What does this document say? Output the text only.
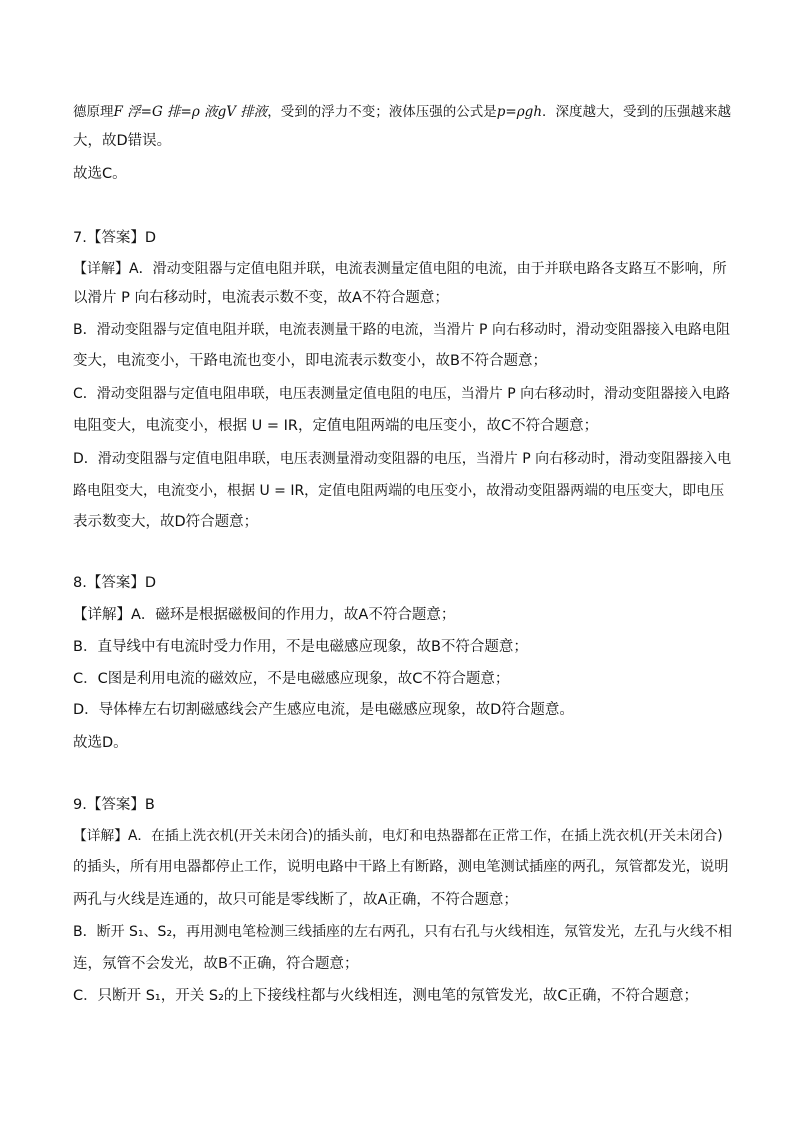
德原理F 浮=G 排=ρ 液gV 排液，受到的浮力不变；液体压强的公式是p=ρgh．深度越大，受到的压强越来越
大，故D错误。
故选C。
7.【答案】D
【详解】A．滑动变阻器与定值电阻并联，电流表测量定值电阻的电流，由于并联电路各支路互不影响，所
以滑片 P 向右移动时，电流表示数不变，故A不符合题意；
B．滑动变阻器与定值电阻并联，电流表测量干路的电流，当滑片 P 向右移动时，滑动变阻器接入电路电阻
变大，电流变小，干路电流也变小，即电流表示数变小，故B不符合题意；
C．滑动变阻器与定值电阻串联，电压表测量定值电阻的电压，当滑片 P 向右移动时，滑动变阻器接入电路
电阻变大，电流变小，根据 U = IR，定值电阻两端的电压变小，故C不符合题意；
D．滑动变阻器与定值电阻串联，电压表测量滑动变阻器的电压，当滑片 P 向右移动时，滑动变阻器接入电
路电阻变大，电流变小，根据 U = IR，定值电阻两端的电压变小，故滑动变阻器两端的电压变大，即电压
表示数变大，故D符合题意；
8.【答案】D
【详解】A．磁环是根据磁极间的作用力，故A不符合题意；
B．直导线中有电流时受力作用，不是电磁感应现象，故B不符合题意；
C．C图是利用电流的磁效应，不是电磁感应现象，故C不符合题意；
D．导体棒左右切割磁感线会产生感应电流，是电磁感应现象，故D符合题意。
故选D。
9.【答案】B
【详解】A．在插上洗衣机(开关未闭合)的插头前，电灯和电热器都在正常工作，在插上洗衣机(开关未闭合)
的插头，所有用电器都停止工作，说明电路中干路上有断路，测电笔测试插座的两孔，氖管都发光，说明
两孔与火线是连通的，故只可能是零线断了，故A正确，不符合题意；
B．断开 S₁、S₂，再用测电笔检测三线插座的左右两孔，只有右孔与火线相连，氖管发光，左孔与火线不相
连，氖管不会发光，故B不正确，符合题意；
C．只断开 S₁，开关 S₂的上下接线柱都与火线相连，测电笔的氖管发光，故C正确，不符合题意；
